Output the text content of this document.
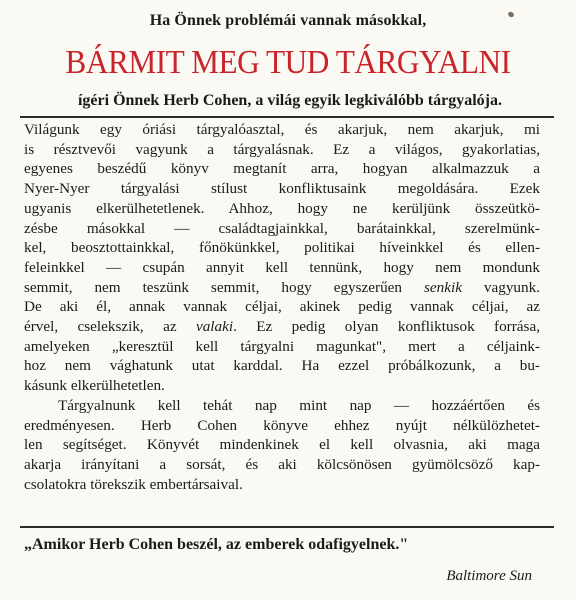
Ha Önnek problémái vannak másokkal,
BÁRMIT MEG TUD TÁRGYALNI
ígéri Önnek Herb Cohen, a világ egyik legkiválóbb tárgyalója.

Világunk egy óriási tárgyalóasztal, és akarjuk, nem akarjuk, mi
is résztvevői vagyunk a tárgyalásnak. Ez a világos, gyakorlatias,
egyenes beszédű könyv megtanít arra, hogyan alkalmazzuk a
Nyer-Nyer tárgyalási stílust konfliktusaink megoldására. Ezek
ugyanis elkerülhetetlenek. Ahhoz, hogy ne kerüljünk összeütkö-
zésbe másokkal — családtagjainkkal, barátainkkal, szerelmünk-
kel, beosztottainkkal, főnökünkkel, politikai híveinkkel és ellen-
feleinkkel — csupán annyit kell tennünk, hogy nem mondunk
semmit, nem teszünk semmit, hogy egyszerűen senkik vagyunk.
De aki él, annak vannak céljai, akinek pedig vannak céljai, az
érvel, cselekszik, az valaki. Ez pedig olyan konfliktusok forrása,
amelyeken „keresztül kell tárgyalni magunkat", mert a céljaink-
hoz nem vághatunk utat karddal. Ha ezzel próbálkozunk, a bu-
kásunk elkerülhetetlen.

Tárgyalnunk kell tehát nap mint nap — hozzáértően és
eredményesen. Herb Cohen könyve ehhez nyújt nélkülözhetet-
len segítséget. Könyvét mindenkinek el kell olvasnia, aki maga
akarja irányítani a sorsát, és aki kölcsönösen gyümölcsöző kap-
csolatokra törekszik embertársaival.

„Amikor Herb Cohen beszél, az emberek odafigyelnek."
Baltimore Sun
